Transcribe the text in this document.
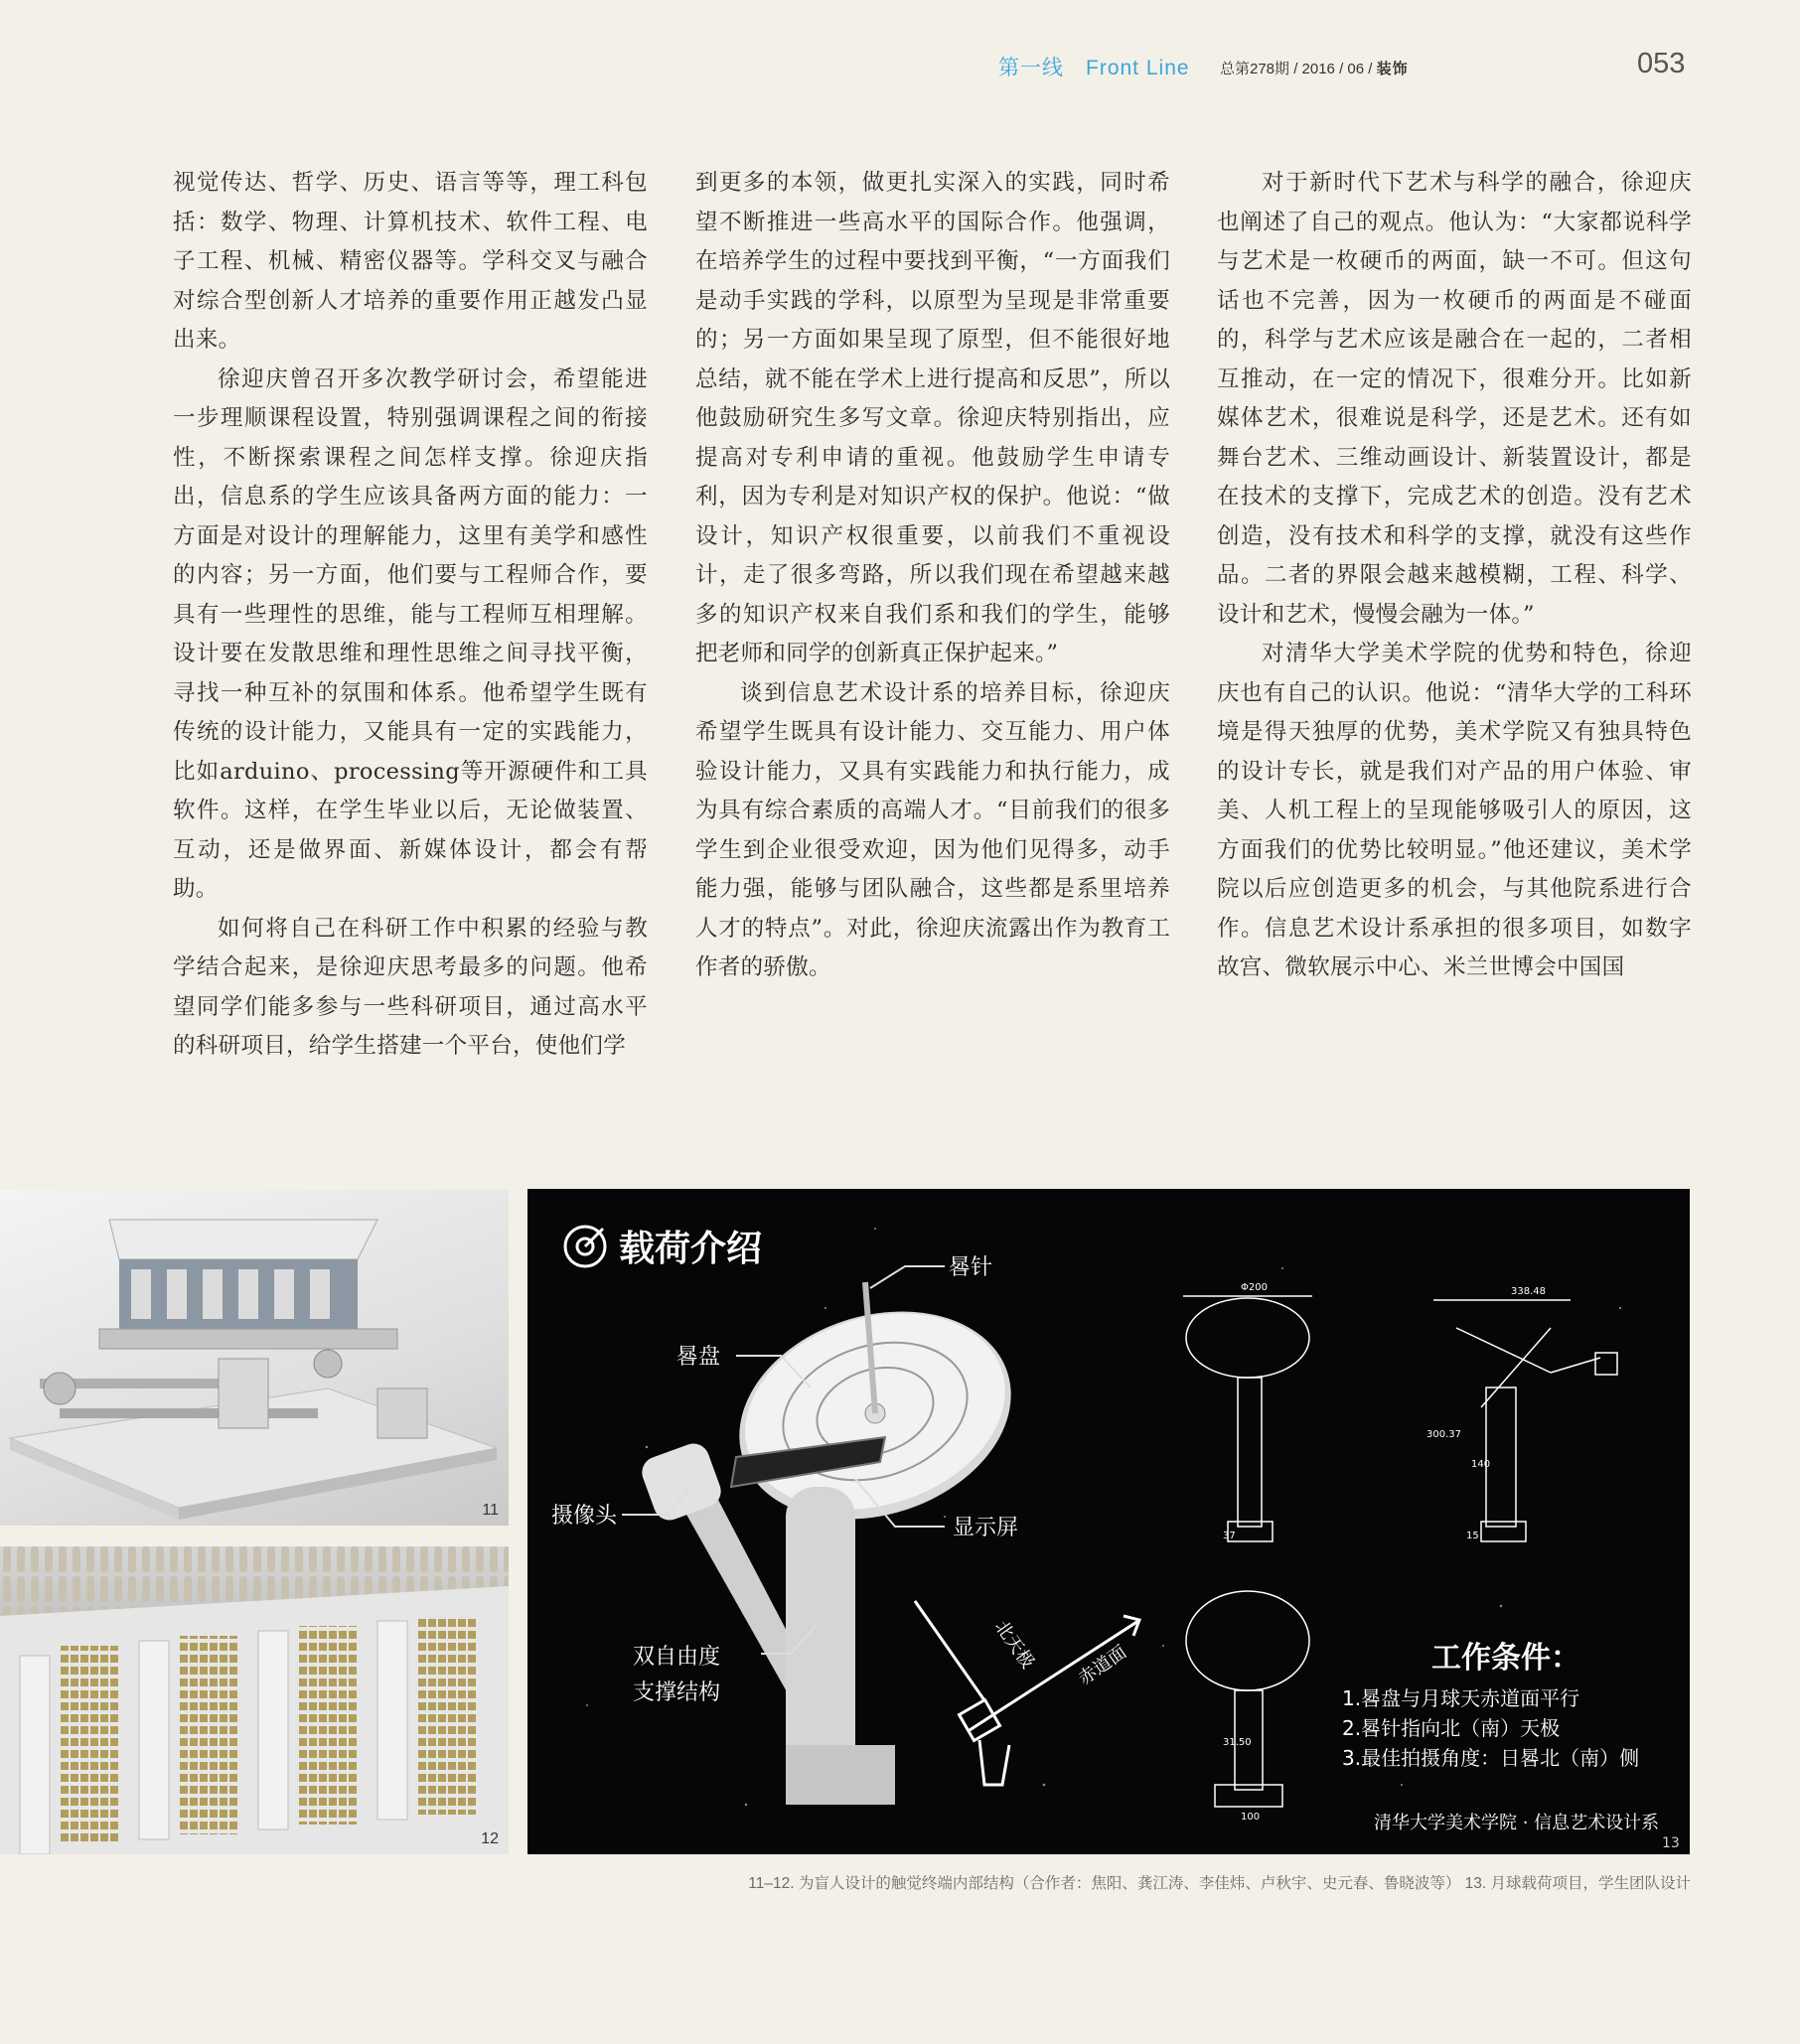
第一线 Front Line	总第278期 / 2016 / 06 / 装饰	053

视觉传达、哲学、历史、语言等等，理工科包括：数学、物理、计算机技术、软件工程、电子工程、机械、精密仪器等。学科交叉与融合对综合型创新人才培养的重要作用正越发凸显出来。

徐迎庆曾召开多次教学研讨会，希望能进一步理顺课程设置，特别强调课程之间的衔接性，不断探索课程之间怎样支撑。徐迎庆指出，信息系的学生应该具备两方面的能力：一方面是对设计的理解能力，这里有美学和感性的内容；另一方面，他们要与工程师合作，要具有一些理性的思维，能与工程师互相理解。设计要在发散思维和理性思维之间寻找平衡，寻找一种互补的氛围和体系。他希望学生既有传统的设计能力，又能具有一定的实践能力，比如arduino、processing等开源硬件和工具软件。这样，在学生毕业以后，无论做装置、互动，还是做界面、新媒体设计，都会有帮助。

如何将自己在科研工作中积累的经验与教学结合起来，是徐迎庆思考最多的问题。他希望同学们能多参与一些科研项目，通过高水平的科研项目，给学生搭建一个平台，使他们学

到更多的本领，做更扎实深入的实践，同时希望不断推进一些高水平的国际合作。他强调，在培养学生的过程中要找到平衡，“一方面我们是动手实践的学科，以原型为呈现是非常重要的；另一方面如果呈现了原型，但不能很好地总结，就不能在学术上进行提高和反思”，所以他鼓励研究生多写文章。徐迎庆特别指出，应提高对专利申请的重视。他鼓励学生申请专利，因为专利是对知识产权的保护。他说：“做设计，知识产权很重要，以前我们不重视设计，走了很多弯路，所以我们现在希望越来越多的知识产权来自我们系和我们的学生，能够把老师和同学的创新真正保护起来。”

谈到信息艺术设计系的培养目标，徐迎庆希望学生既具有设计能力、交互能力、用户体验设计能力，又具有实践能力和执行能力，成为具有综合素质的高端人才。“目前我们的很多学生到企业很受欢迎，因为他们见得多，动手能力强，能够与团队融合，这些都是系里培养人才的特点”。对此，徐迎庆流露出作为教育工作者的骄傲。

对于新时代下艺术与科学的融合，徐迎庆也阐述了自己的观点。他认为：“大家都说科学与艺术是一枚硬币的两面，缺一不可。但这句话也不完善，因为一枚硬币的两面是不碰面的，科学与艺术应该是融合在一起的，二者相互推动，在一定的情况下，很难分开。比如新媒体艺术，很难说是科学，还是艺术。还有如舞台艺术、三维动画设计、新装置设计，都是在技术的支撑下，完成艺术的创造。没有艺术创造，没有技术和科学的支撑，就没有这些作品。二者的界限会越来越模糊，工程、科学、设计和艺术，慢慢会融为一体。”

对清华大学美术学院的优势和特色，徐迎庆也有自己的认识。他说：“清华大学的工科环境是得天独厚的优势，美术学院又有独具特色的设计专长，就是我们对产品的用户体验、审美、人机工程上的呈现能够吸引人的原因，这方面我们的优势比较明显。”他还建议，美术学院以后应创造更多的机会，与其他院系进行合作。信息艺术设计系承担的很多项目，如数字故宫、微软展示中心、米兰世博会中国国

11
12
载荷介绍	晷针
晷盘
摄像头	显示屏
双自由度
支撑结构
北天极 赤道面
Φ200	338.48
300.37
140
37	15
100
31.50
工作条件：
1.晷盘与月球天赤道面平行
2.晷针指向北（南）天极
3.最佳拍摄角度：日晷北（南）侧
清华大学美术学院 · 信息艺术设计系
13
11–12. 为盲人设计的触觉终端内部结构（合作者：焦阳、龚江涛、李佳炜、卢秋宇、史元春、鲁晓波等） 13. 月球载荷项目，学生团队设计
